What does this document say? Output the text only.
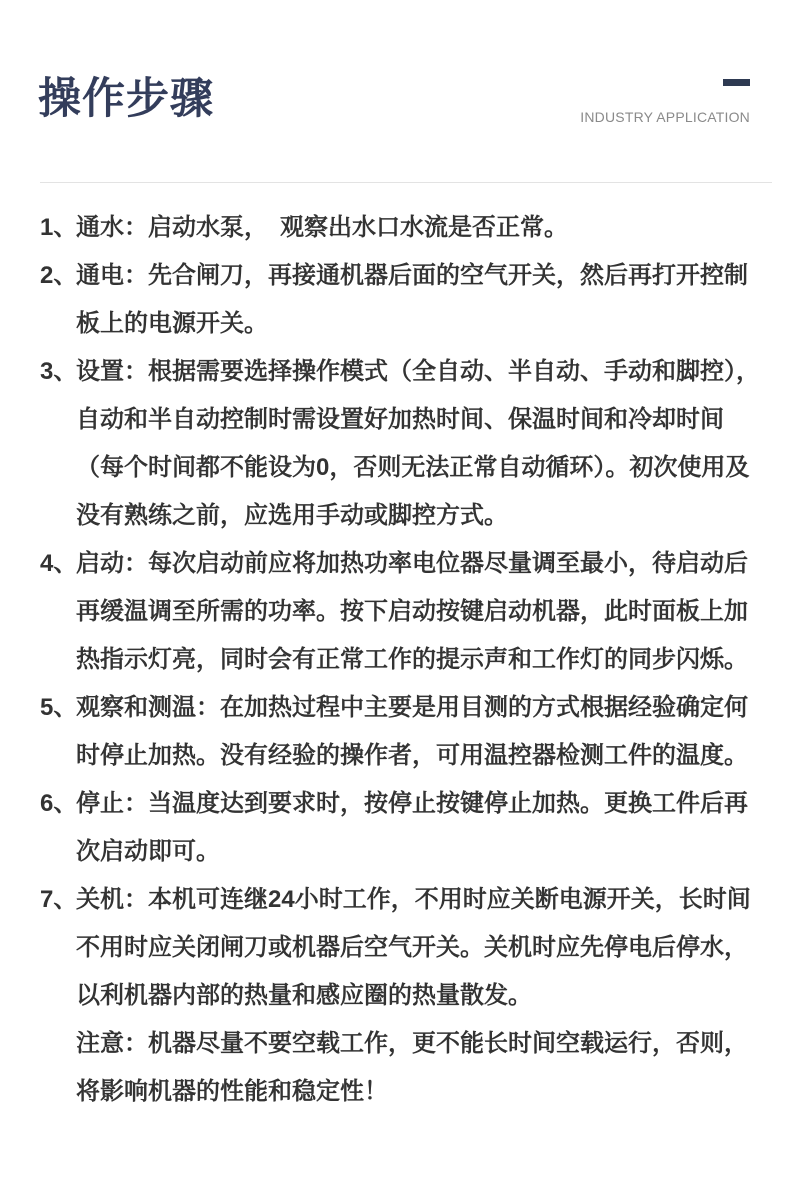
操作步骤	INDUSTRY APPLICATION
1、
通水：启动水泵，　观察出水口水流是否正常。
2、
通电：先合闸刀，再接通机器后面的空气开关，然后再打开控制
板上的电源开关。
3、
设置：根据需要选择操作模式（全自动、半自动、手动和脚控），
自动和半自动控制时需设置好加热时间、保温时间和冷却时间
（每个时间都不能设为0，否则无法正常自动循环）。初次使用及
没有熟练之前，应选用手动或脚控方式。
4、
启动：每次启动前应将加热功率电位器尽量调至最小，待启动后
再缓温调至所需的功率。按下启动按键启动机器，此时面板上加
热指示灯亮，同时会有正常工作的提示声和工作灯的同步闪烁。
5、
观察和测温：在加热过程中主要是用目测的方式根据经验确定何
时停止加热。没有经验的操作者，可用温控器检测工件的温度。
6、
停止：当温度达到要求时，按停止按键停止加热。更换工件后再
次启动即可。
7、
关机：本机可连继24小时工作，不用时应关断电源开关，长时间
不用时应关闭闸刀或机器后空气开关。关机时应先停电后停水，
以利机器内部的热量和感应圈的热量散发。
注意：机器尽量不要空载工作，更不能长时间空载运行，否则，
将影响机器的性能和稳定性！
